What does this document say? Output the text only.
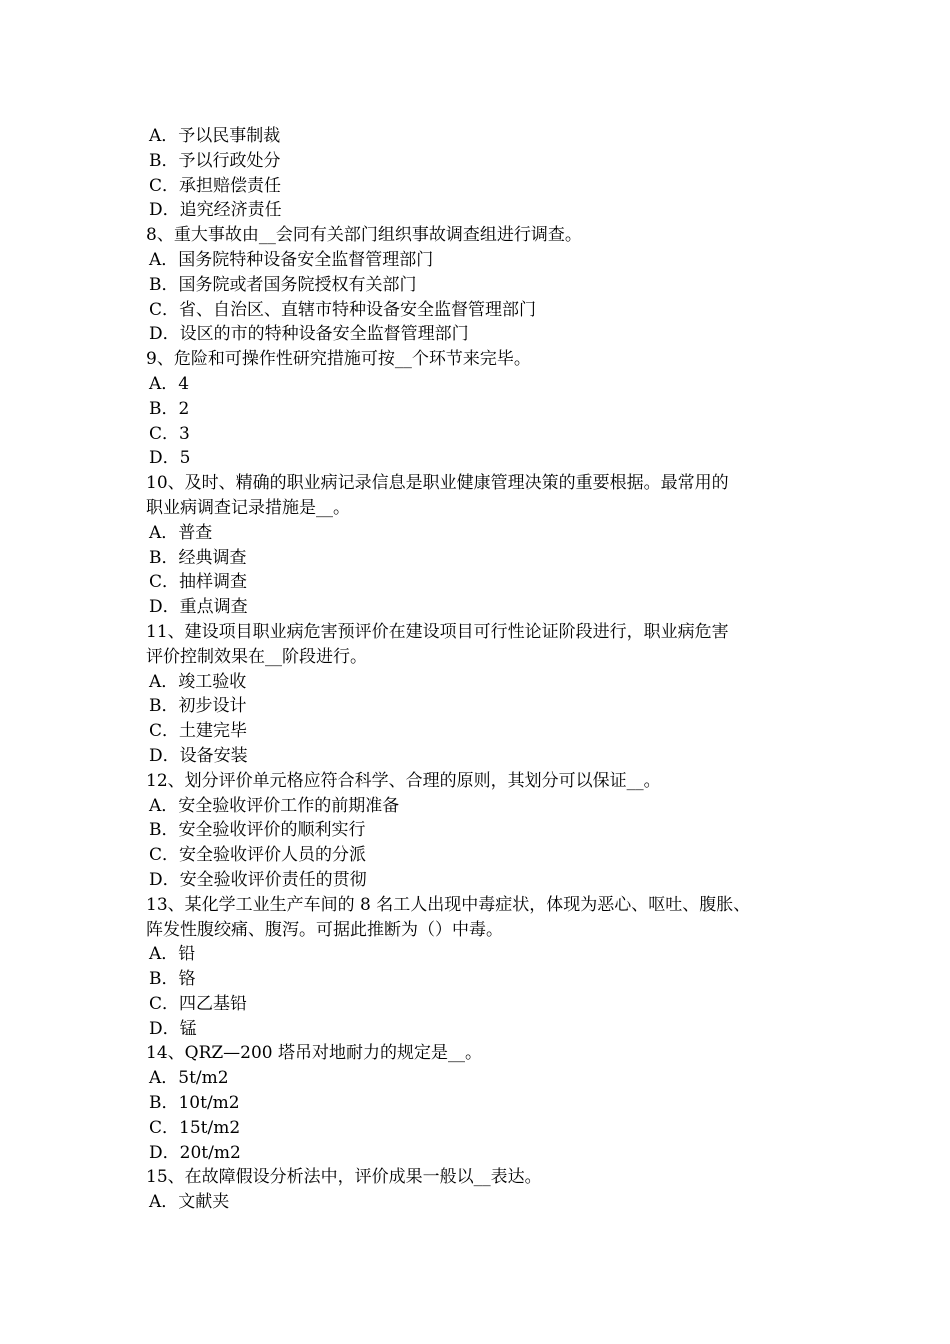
A．予以民事制裁
B．予以行政处分
C．承担赔偿责任
D．追究经济责任
8、重大事故由__会同有关部门组织事故调查组进行调查。
A．国务院特种设备安全监督管理部门
B．国务院或者国务院授权有关部门
C．省、自治区、直辖市特种设备安全监督管理部门
D．设区的市的特种设备安全监督管理部门
9、危险和可操作性研究措施可按__个环节来完毕。
A．4
B．2
C．3
D．5
10、及时、精确的职业病记录信息是职业健康管理决策的重要根据。最常用的
职业病调查记录措施是__。
A．普查
B．经典调查
C．抽样调查
D．重点调查
11、建设项目职业病危害预评价在建设项目可行性论证阶段进行，职业病危害
评价控制效果在__阶段进行。
A．竣工验收
B．初步设计
C．土建完毕
D．设备安装
12、划分评价单元格应符合科学、合理的原则，其划分可以保证__。
A．安全验收评价工作的前期准备
B．安全验收评价的顺利实行
C．安全验收评价人员的分派
D．安全验收评价责任的贯彻
13、某化学工业生产车间的 8 名工人出现中毒症状，体现为恶心、呕吐、腹胀、
阵发性腹绞痛、腹泻。可据此推断为（）中毒。
A．铅
B．铬
C．四乙基铅
D．锰
14、QRZ—200 塔吊对地耐力的规定是__。
A．5t/m2
B．10t/m2
C．15t/m2
D．20t/m2
15、在故障假设分析法中，评价成果一般以__表达。
A．文献夹
